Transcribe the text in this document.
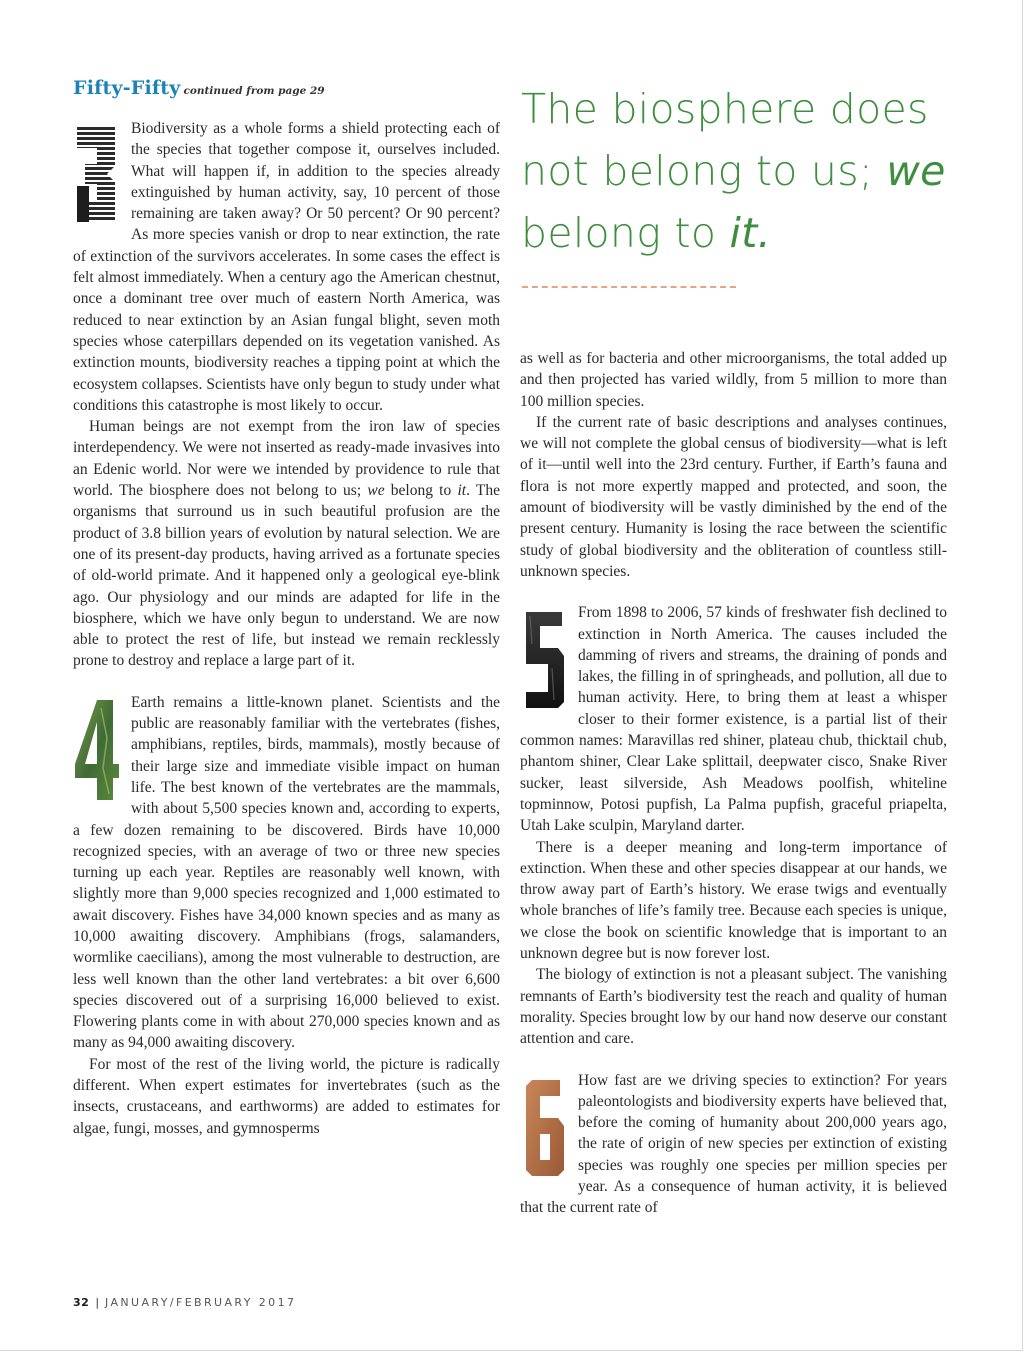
Fifty-Fifty continued from page 29

Biodiversity as a whole forms a shield protecting each of the species that together compose it, ourselves included. What will happen if, in addition to the species already extinguished by human activity, say, 10 percent of those remaining are taken away? Or 50 percent? Or 90 percent? As more species vanish or drop to near extinction, the rate of extinction of the survivors accelerates. In some cases the effect is felt almost immediately. When a century ago the American chestnut, once a dominant tree over much of eastern North America, was reduced to near extinction by an Asian fungal blight, seven moth species whose caterpillars depended on its vegetation vanished. As extinction mounts, biodiversity reaches a tipping point at which the ecosystem collapses. Scientists have only begun to study under what conditions this catastrophe is most likely to occur.

Human beings are not exempt from the iron law of species interdependency. We were not inserted as ready-made invasives into an Edenic world. Nor were we intended by providence to rule that world. The biosphere does not belong to us; we belong to it. The organisms that surround us in such beautiful profusion are the product of 3.8 billion years of evolution by natural selection. We are one of its present-day products, having arrived as a fortunate species of old-world primate. And it happened only a geological eye-blink ago. Our physiology and our minds are adapted for life in the biosphere, which we have only begun to understand. We are now able to protect the rest of life, but instead we remain recklessly prone to destroy and replace a large part of it.

Earth remains a little-known planet. Scientists and the public are reasonably familiar with the vertebrates (fishes, amphibians, reptiles, birds, mammals), mostly because of their large size and immediate visible impact on human life. The best known of the vertebrates are the mammals, with about 5,500 species known and, according to experts, a few dozen remaining to be discovered. Birds have 10,000 recognized species, with an average of two or three new species turning up each year. Reptiles are reasonably well known, with slightly more than 9,000 species recognized and 1,000 estimated to await discovery. Fishes have 34,000 known species and as many as 10,000 awaiting discovery. Amphibians (frogs, salamanders, wormlike caecilians), among the most vulnerable to destruction, are less well known than the other land vertebrates: a bit over 6,600 species discovered out of a surprising 16,000 believed to exist. Flowering plants come in with about 270,000 species known and as many as 94,000 awaiting discovery.

For most of the rest of the living world, the picture is radically different. When expert estimates for invertebrates (such as the insects, crustaceans, and earthworms) are added to estimates for algae, fungi, mosses, and gymnosperms

The biosphere does not belong to us; we belong to it.

as well as for bacteria and other microorganisms, the total added up and then projected has varied wildly, from 5 million to more than 100 million species.

If the current rate of basic descriptions and analyses continues, we will not complete the global census of biodiversity—what is left of it—until well into the 23rd century. Further, if Earth’s fauna and flora is not more expertly mapped and protected, and soon, the amount of biodiversity will be vastly diminished by the end of the present century. Humanity is losing the race between the scientific study of global biodiversity and the obliteration of countless still-unknown species.

From 1898 to 2006, 57 kinds of freshwater fish declined to extinction in North America. The causes included the damming of rivers and streams, the draining of ponds and lakes, the filling in of springheads, and pollution, all due to human activity. Here, to bring them at least a whisper closer to their former existence, is a partial list of their common names: Maravillas red shiner, plateau chub, thicktail chub, phantom shiner, Clear Lake splittail, deepwater cisco, Snake River sucker, least silverside, Ash Meadows poolfish, whiteline topminnow, Potosi pupfish, La Palma pupfish, graceful priapelta, Utah Lake sculpin, Maryland darter.

There is a deeper meaning and long-term importance of extinction. When these and other species disappear at our hands, we throw away part of Earth’s history. We erase twigs and eventually whole branches of life’s family tree. Because each species is unique, we close the book on scientific knowledge that is important to an unknown degree but is now forever lost.

The biology of extinction is not a pleasant subject. The vanishing remnants of Earth’s biodiversity test the reach and quality of human morality. Species brought low by our hand now deserve our constant attention and care.

How fast are we driving species to extinction? For years paleontologists and biodiversity experts have believed that, before the coming of humanity about 200,000 years ago, the rate of origin of new species per extinction of existing species was roughly one species per million species per year. As a consequence of human activity, it is believed that the current rate of

32 | JANUARY/FEBRUARY 2017
